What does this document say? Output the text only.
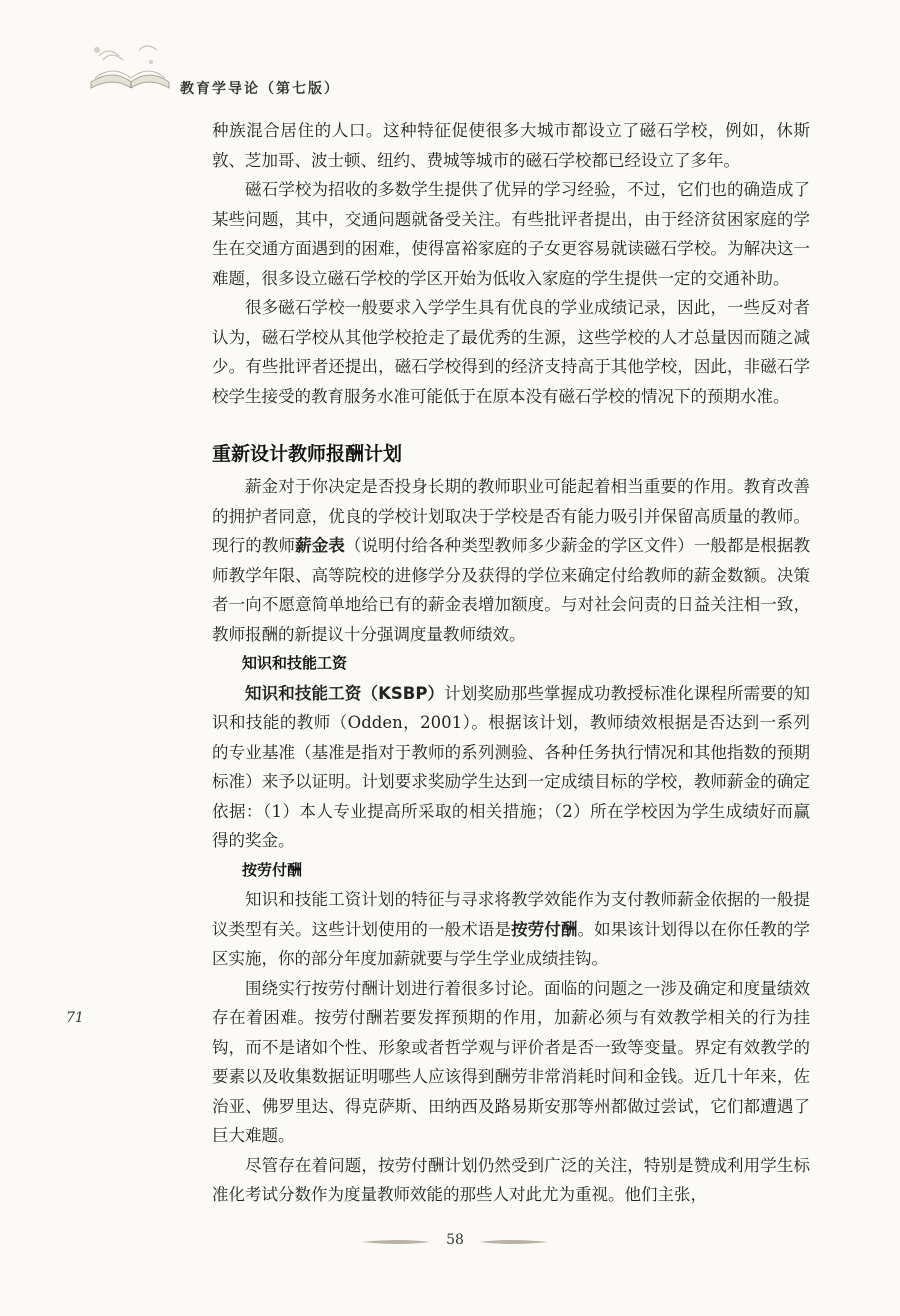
教育学导论（第七版）
71

种族混合居住的人口。这种特征促使很多大城市都设立了磁石学校，例如，休斯敦、芝加哥、波士顿、纽约、费城等城市的磁石学校都已经设立了多年。

磁石学校为招收的多数学生提供了优异的学习经验，不过，它们也的确造成了某些问题，其中，交通问题就备受关注。有些批评者提出，由于经济贫困家庭的学生在交通方面遇到的困难，使得富裕家庭的子女更容易就读磁石学校。为解决这一难题，很多设立磁石学校的学区开始为低收入家庭的学生提供一定的交通补助。

很多磁石学校一般要求入学学生具有优良的学业成绩记录，因此，一些反对者认为，磁石学校从其他学校抢走了最优秀的生源，这些学校的人才总量因而随之减少。有些批评者还提出，磁石学校得到的经济支持高于其他学校，因此，非磁石学校学生接受的教育服务水准可能低于在原本没有磁石学校的情况下的预期水准。

重新设计教师报酬计划

薪金对于你决定是否投身长期的教师职业可能起着相当重要的作用。教育改善的拥护者同意，优良的学校计划取决于学校是否有能力吸引并保留高质量的教师。现行的教师薪金表（说明付给各种类型教师多少薪金的学区文件）一般都是根据教师教学年限、高等院校的进修学分及获得的学位来确定付给教师的薪金数额。决策者一向不愿意简单地给已有的薪金表增加额度。与对社会问责的日益关注相一致，教师报酬的新提议十分强调度量教师绩效。

知识和技能工资

知识和技能工资（KSBP）计划奖励那些掌握成功教授标准化课程所需要的知识和技能的教师（Odden，2001）。根据该计划，教师绩效根据是否达到一系列的专业基准（基准是指对于教师的系列测验、各种任务执行情况和其他指数的预期标准）来予以证明。计划要求奖励学生达到一定成绩目标的学校，教师薪金的确定依据：（1）本人专业提高所采取的相关措施；（2）所在学校因为学生成绩好而赢得的奖金。

按劳付酬

知识和技能工资计划的特征与寻求将教学效能作为支付教师薪金依据的一般提议类型有关。这些计划使用的一般术语是按劳付酬。如果该计划得以在你任教的学区实施，你的部分年度加薪就要与学生学业成绩挂钩。

围绕实行按劳付酬计划进行着很多讨论。面临的问题之一涉及确定和度量绩效存在着困难。按劳付酬若要发挥预期的作用，加薪必须与有效教学相关的行为挂钩，而不是诸如个性、形象或者哲学观与评价者是否一致等变量。界定有效教学的要素以及收集数据证明哪些人应该得到酬劳非常消耗时间和金钱。近几十年来，佐治亚、佛罗里达、得克萨斯、田纳西及路易斯安那等州都做过尝试，它们都遭遇了巨大难题。

尽管存在着问题，按劳付酬计划仍然受到广泛的关注，特别是赞成利用学生标准化考试分数作为度量教师效能的那些人对此尤为重视。他们主张，

58
